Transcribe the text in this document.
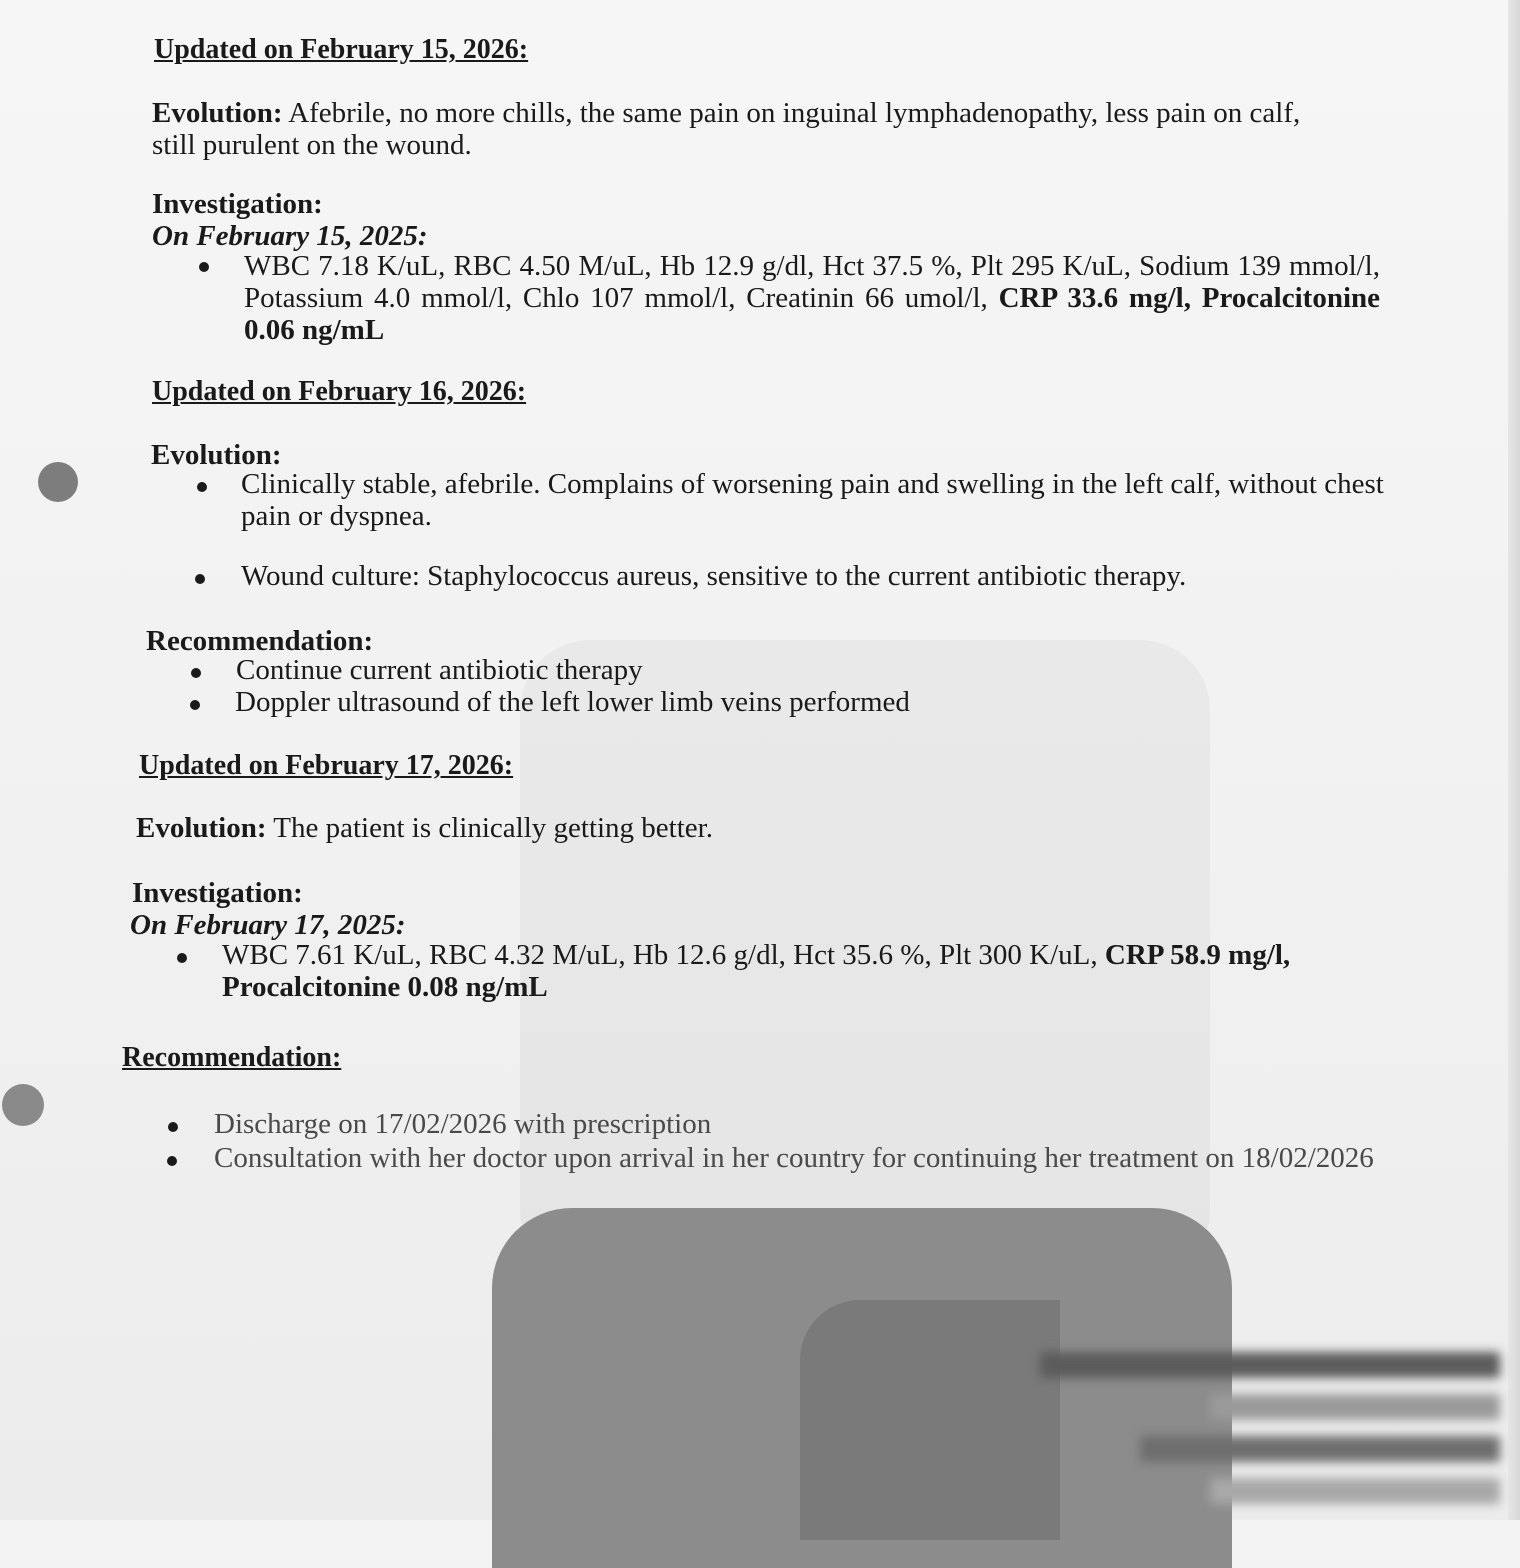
Updated on February 15, 2026:
Evolution: Afebrile, no more chills, the same pain on inguinal lymphadenopathy, less pain on calf,
still purulent on the wound.
Investigation:
On February 15, 2025:
WBC 7.18 K/uL, RBC 4.50 M/uL, Hb 12.9 g/dl, Hct 37.5 %, Plt 295 K/uL, Sodium 139 mmol/l, Potassium 4.0 mmol/l, Chlo 107 mmol/l, Creatinin 66 umol/l, CRP 33.6 mg/l, Procalcitonine 0.06 ng/mL
Updated on February 16, 2026:
Evolution:
Clinically stable, afebrile. Complains of worsening pain and swelling in the left calf, without chest pain or dyspnea.
Wound culture: Staphylococcus aureus, sensitive to the current antibiotic therapy.
Recommendation:
Continue current antibiotic therapy
Doppler ultrasound of the left lower limb veins performed
Updated on February 17, 2026:
Evolution: The patient is clinically getting better.
Investigation:
On February 17, 2025:
WBC 7.61 K/uL, RBC 4.32 M/uL, Hb 12.6 g/dl, Hct 35.6 %, Plt 300 K/uL, CRP 58.9 mg/l, Procalcitonine 0.08 ng/mL
Recommendation:
Discharge on 17/02/2026 with prescription
Consultation with her doctor upon arrival in her country for continuing her treatment on 18/02/2026
